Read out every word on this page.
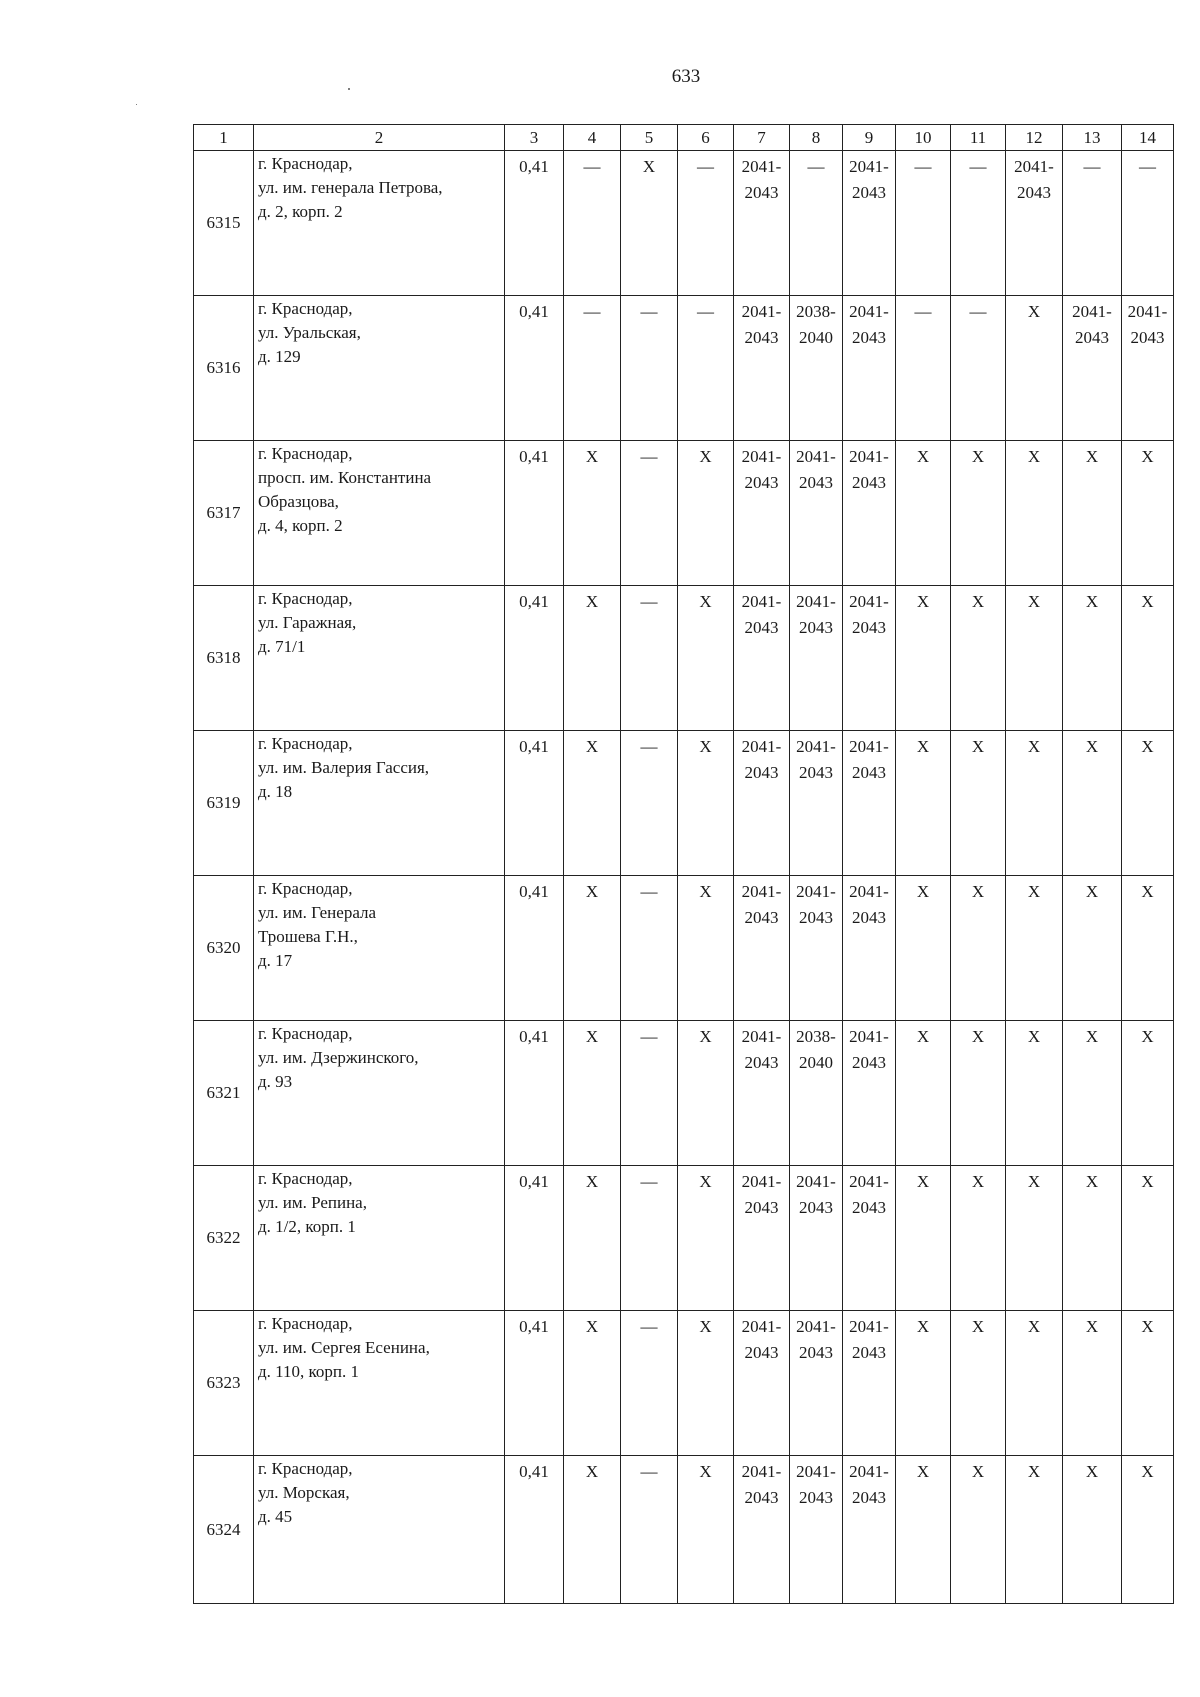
633
1	2	3	4	5	6	7	8	9	10	11	12	13	14
6315	г. Краснодар,
ул. им. генерала Петрова,
д. 2, корп. 2	0,41	—	Х	—	2041-
2043	—	2041-
2043	—	—	2041-
2043	—	—
6316	г. Краснодар,
ул. Уральская,
д. 129	0,41	—	—	—	2041-
2043	2038-
2040	2041-
2043	—	—	Х	2041-
2043	2041-
2043
6317	г. Краснодар,
просп. им. Константина
Образцова,
д. 4, корп. 2	0,41	Х	—	Х	2041-
2043	2041-
2043	2041-
2043	Х	Х	Х	Х	Х
6318	г. Краснодар,
ул. Гаражная,
д. 71/1	0,41	Х	—	Х	2041-
2043	2041-
2043	2041-
2043	Х	Х	Х	Х	Х
6319	г. Краснодар,
ул. им. Валерия Гассия,
д. 18	0,41	Х	—	Х	2041-
2043	2041-
2043	2041-
2043	Х	Х	Х	Х	Х
6320	г. Краснодар,
ул. им. Генерала
Трошева Г.Н.,
д. 17	0,41	Х	—	Х	2041-
2043	2041-
2043	2041-
2043	Х	Х	Х	Х	Х
6321	г. Краснодар,
ул. им. Дзержинского,
д. 93	0,41	Х	—	Х	2041-
2043	2038-
2040	2041-
2043	Х	Х	Х	Х	Х
6322	г. Краснодар,
ул. им. Репина,
д. 1/2, корп. 1	0,41	Х	—	Х	2041-
2043	2041-
2043	2041-
2043	Х	Х	Х	Х	Х
6323	г. Краснодар,
ул. им. Сергея Есенина,
д. 110, корп. 1	0,41	Х	—	Х	2041-
2043	2041-
2043	2041-
2043	Х	Х	Х	Х	Х
6324	г. Краснодар,
ул. Морская,
д. 45	0,41	Х	—	Х	2041-
2043	2041-
2043	2041-
2043	Х	Х	Х	Х	Х
